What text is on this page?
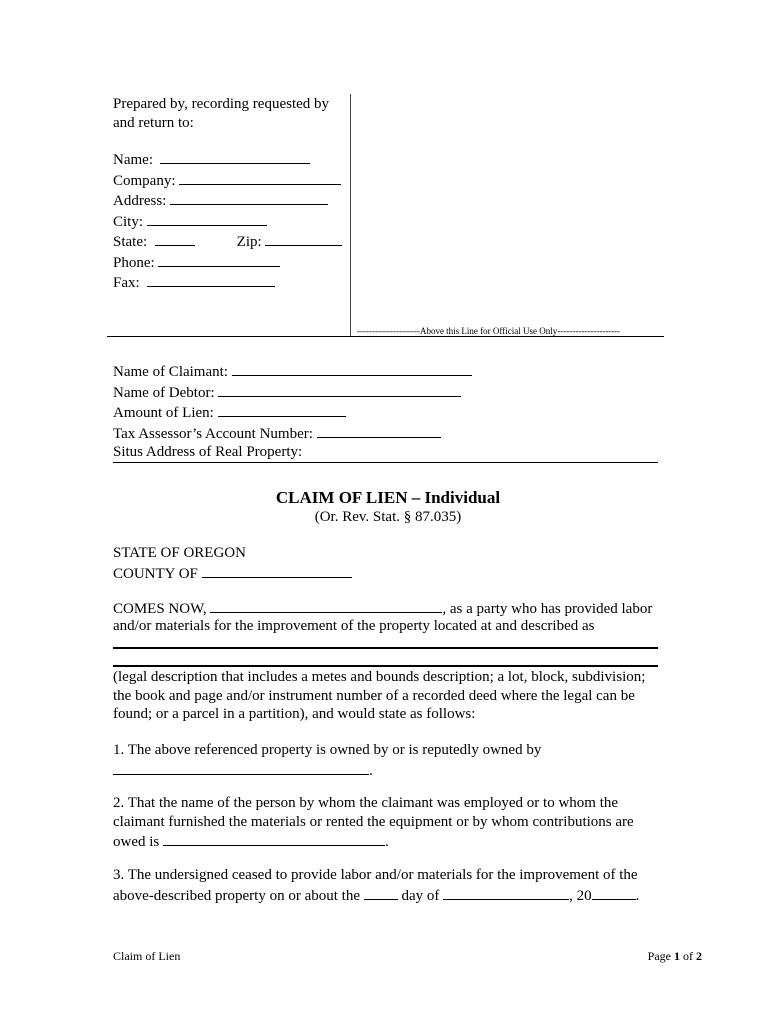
Prepared by, recording requested by
and return to:
Name:
Company:
Address:
City:
State:	Zip:
Phone:
Fax:
---------------------Above this Line for Official Use Only---------------------
Name of Claimant:
Name of Debtor:
Amount of Lien:
Tax Assessor’s Account Number:
Situs Address of Real Property:
CLAIM OF LIEN – Individual
(Or. Rev. Stat. § 87.035)
STATE OF OREGON
COUNTY OF
COMES NOW,	, as a party who has provided labor
and/or materials for the improvement of the property located at and described as
(legal description that includes a metes and bounds description; a lot, block, subdivision;
the book and page and/or instrument number of a recorded deed where the legal can be
found; or a parcel in a partition), and would state as follows:
1. The above referenced property is owned by or is reputedly owned by
.
2. That the name of the person by whom the claimant was employed or to whom the
claimant furnished the materials or rented the equipment or by whom contributions are
owed is	.
3. The undersigned ceased to provide labor and/or materials for the improvement of the
above-described property on or about the	day of	, 20	.
Claim of Lien	Page 1 of 2
